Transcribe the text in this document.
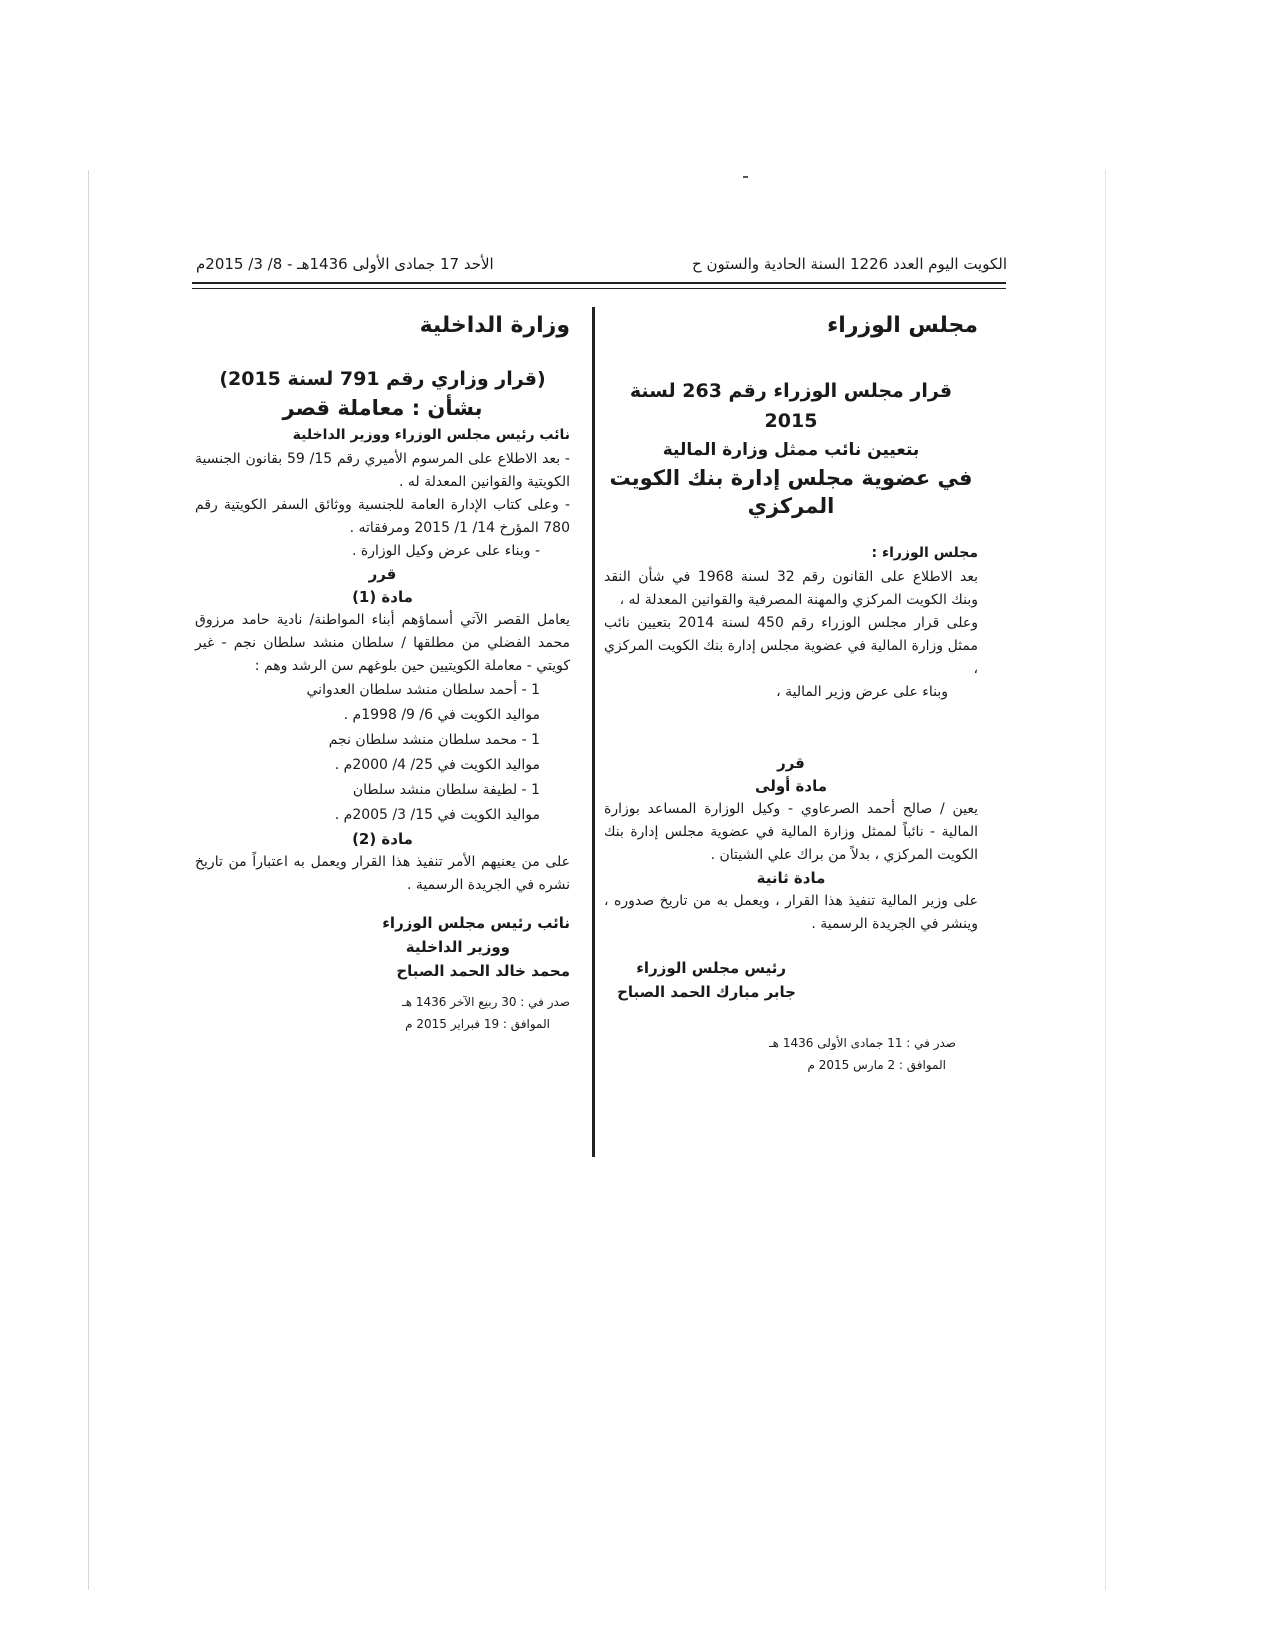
الكويت اليوم العدد 1226 السنة الحادية والستون ح
الأحد 17 جمادى الأولى 1436هـ - 8/ 3/ 2015م
مجلس الوزراء
قرار مجلس الوزراء رقم 263 لسنة 2015
بتعيين نائب ممثل وزارة المالية
في عضوية مجلس إدارة بنك الكويت المركزي
مجلس الوزراء :
بعد الاطلاع على القانون رقم 32 لسنة 1968 في شأن النقد وبنك الكويت المركزي والمهنة المصرفية والقوانين المعدلة له ،
وعلى قرار مجلس الوزراء رقم 450 لسنة 2014 بتعيين نائب ممثل وزارة المالية في عضوية مجلس إدارة بنك الكويت المركزي ،
وبناء على عرض وزير المالية ،
قرر
مادة أولى
يعين / صالح أحمد الصرعاوي - وكيل الوزارة المساعد بوزارة المالية - نائباً لممثل وزارة المالية في عضوية مجلس إدارة بنك الكويت المركزي ، بدلاً من براك علي الشيتان .
مادة ثانية
على وزير المالية تنفيذ هذا القرار ، ويعمل به من تاريخ صدوره ، وينشر في الجريدة الرسمية .
رئيس مجلس الوزراء
جابر مبارك الحمد الصباح
صدر في : 11 جمادى الأولى 1436 هـ
الموافق : 2 مارس 2015 م
وزارة الداخلية
(قرار وزاري رقم 791 لسنة 2015)
بشأن : معاملة قصر
نائب رئيس مجلس الوزراء ووزير الداخلية
- بعد الاطلاع على المرسوم الأميري رقم 15/ 59 بقانون الجنسية الكويتية والقوانين المعدلة له .
- وعلى كتاب الإدارة العامة للجنسية ووثائق السفر الكويتية رقم 780 المؤرخ 14/ 1/ 2015 ومرفقاته .
- وبناء على عرض وكيل الوزارة .
قرر
مادة (1)
يعامل القصر الآتي أسماؤهم أبناء المواطنة/ نادية حامد مرزوق محمد الفضلي من مطلقها / سلطان منشد سلطان نجم - غير كويتي - معاملة الكويتيين حين بلوغهم سن الرشد وهم :
1 - أحمد سلطان منشد سلطان العدواني
مواليد الكويت في 6/ 9/ 1998م .
1 - محمد سلطان منشد سلطان نجم
مواليد الكويت في 25/ 4/ 2000م .
1 - لطيفة سلطان منشد سلطان
مواليد الكويت في 15/ 3/ 2005م .
مادة (2)
على من يعنيهم الأمر تنفيذ هذا القرار ويعمل به اعتباراً من تاريخ نشره في الجريدة الرسمية .
نائب رئيس مجلس الوزراء
ووزير الداخلية
محمد خالد الحمد الصباح
صدر في : 30 ربيع الآخر 1436 هـ
الموافق : 19 فبراير 2015 م
